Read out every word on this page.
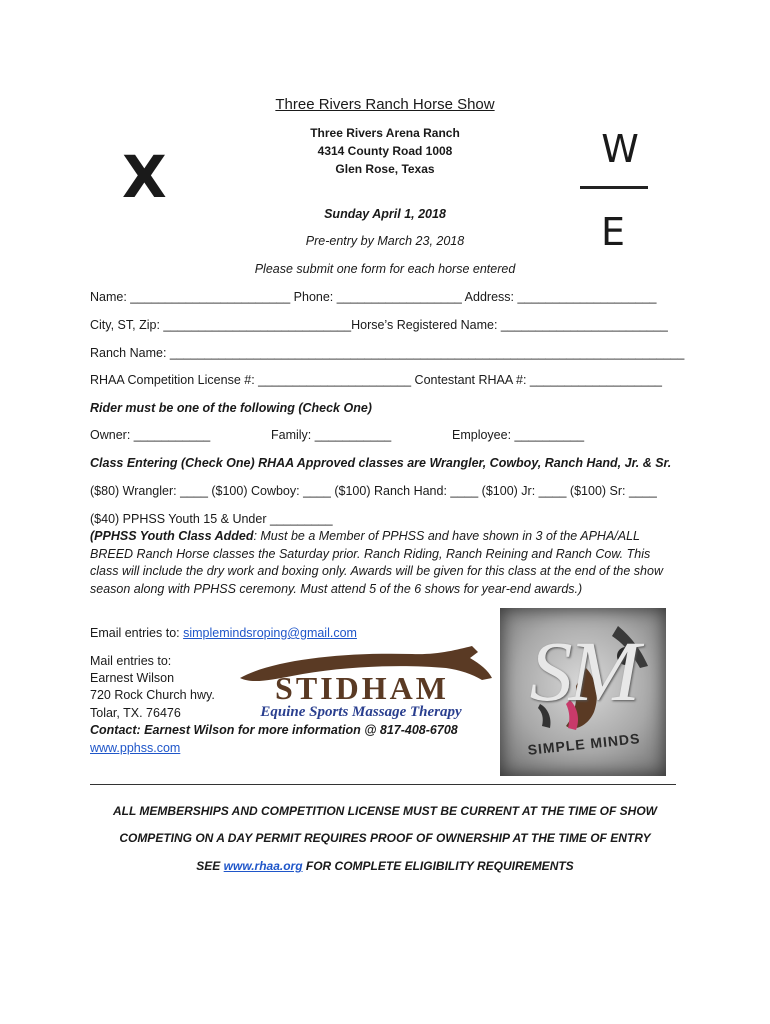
Three Rivers Ranch Horse Show
Three Rivers Arena Ranch
4314 County Road 1008
Glen Rose, Texas
Sunday April 1, 2018
Pre-entry by March 23, 2018
Please submit one form for each horse entered
X	W
E
Name: _______________________ Phone: __________________ Address: ____________________
City, ST, Zip: ___________________________Horse’s Registered Name: ________________________
Ranch Name: __________________________________________________________________________
RHAA Competition License #: ______________________ Contestant RHAA #: ___________________
Rider must be one of the following (Check One)
Owner: ___________	Family: ___________	Employee: __________
Class Entering (Check One) RHAA Approved classes are Wrangler, Cowboy, Ranch Hand, Jr. & Sr.
($80) Wrangler: ____ ($100) Cowboy: ____ ($100) Ranch Hand: ____ ($100) Jr: ____ ($100) Sr: ____
($40) PPHSS Youth 15 & Under _________
(PPHSS Youth Class Added: Must be a Member of PPHSS and have shown in 3 of the APHA/ALL BREED Ranch Horse classes the Saturday prior. Ranch Riding, Ranch Reining and Ranch Cow. This class will include the dry work and boxing only. Awards will be given for this class at the end of the show season along with PPHSS ceremony. Must attend 5 of the 6 shows for year-end awards.)
Email entries to: simplemindsroping@gmail.com
Mail entries to:
Earnest Wilson
720 Rock Church hwy.
Tolar, TX. 76476
Contact: Earnest Wilson for more information @ 817-408-6708
www.pphss.com
STIDHAM
Equine Sports Massage Therapy SM
SIMPLE MINDS
ALL MEMBERSHIPS AND COMPETITION LICENSE MUST BE CURRENT AT THE TIME OF SHOW
COMPETING ON A DAY PERMIT REQUIRES PROOF OF OWNERSHIP AT THE TIME OF ENTRY
SEE www.rhaa.org FOR COMPLETE ELIGIBILITY REQUIREMENTS
